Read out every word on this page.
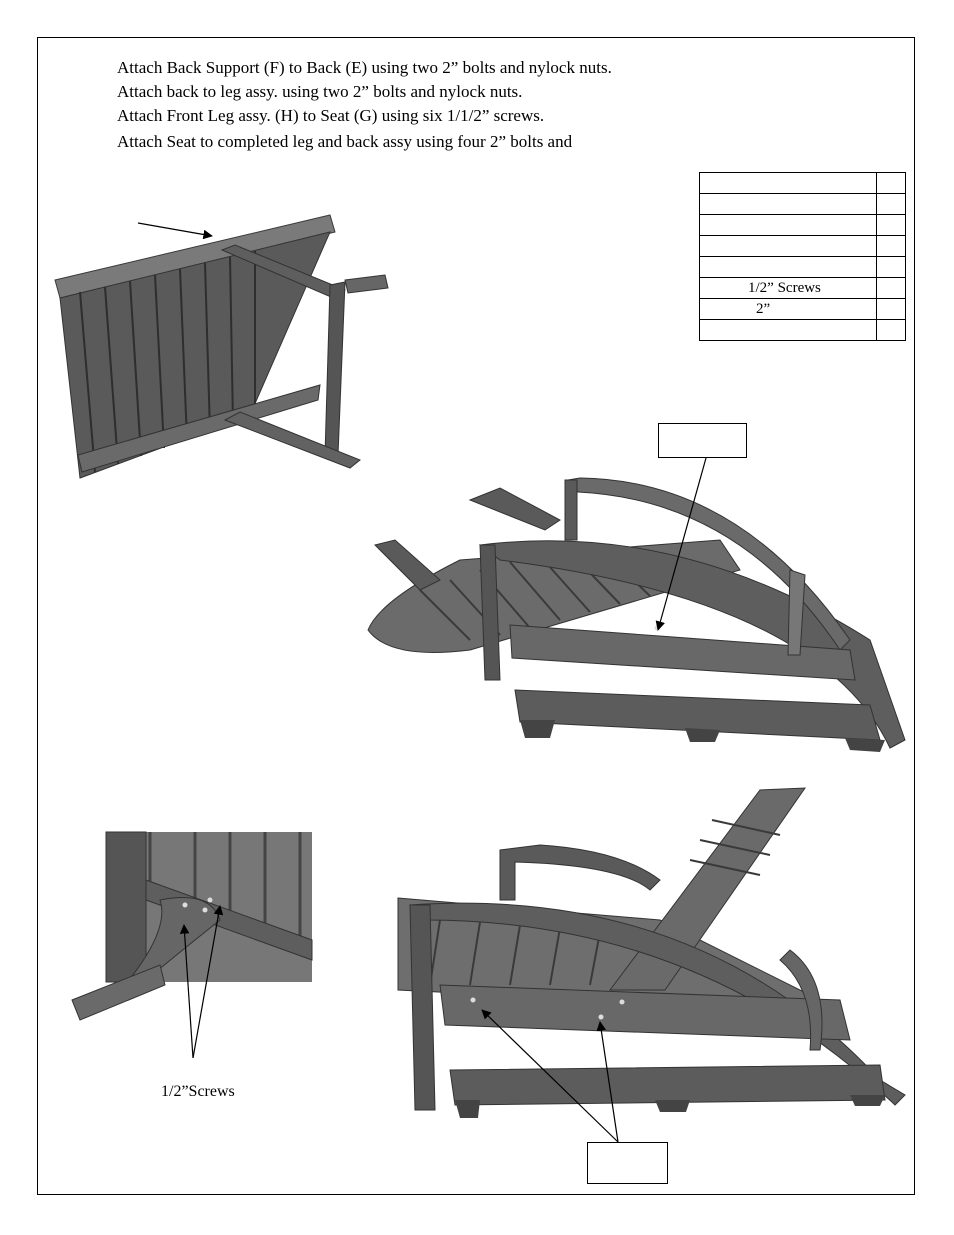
Attach Back Support (F) to Back (E) using two 2” bolts and nylock nuts.
Attach back to leg assy. using two 2” bolts and nylock nuts.
Attach Front Leg assy. (H) to Seat (G) using six 1/1/2” screws.
Attach Seat to completed leg and back assy using four 2” bolts and

1/2” Screws	
2”	

1/2”Screws
